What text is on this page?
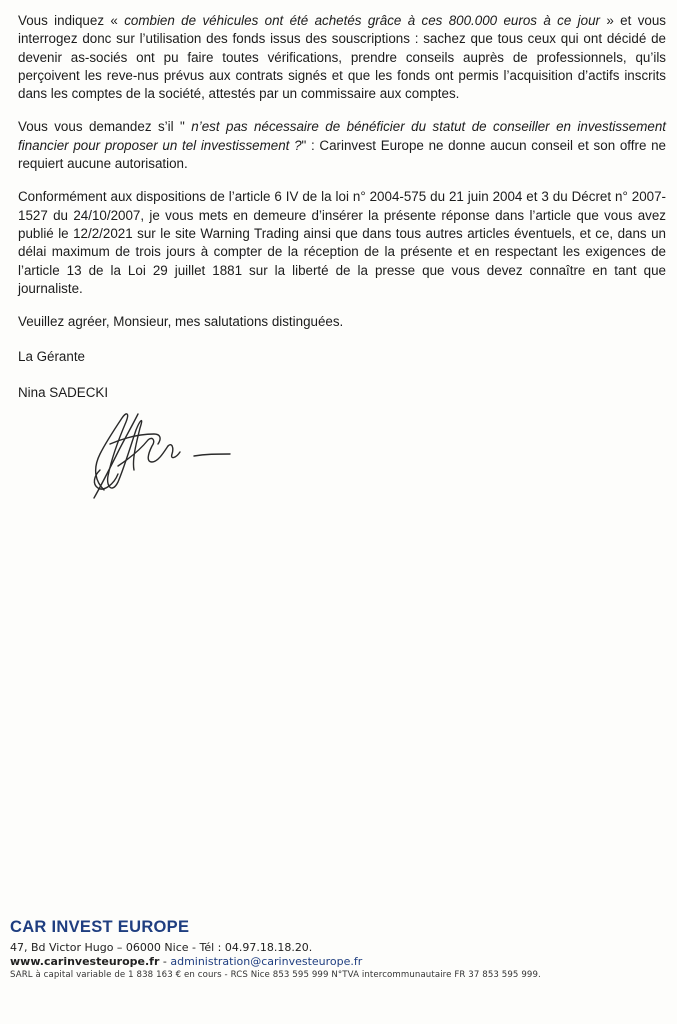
Vous indiquez « combien de véhicules ont été achetés grâce à ces 800.000 euros à ce jour » et vous interrogez donc sur l’utilisation des fonds issus des souscriptions : sachez que tous ceux qui ont décidé de devenir as-sociés ont pu faire toutes vérifications, prendre conseils auprès de professionnels, qu’ils perçoivent les reve-nus prévus aux contrats signés et que les fonds ont permis l’acquisition d’actifs inscrits dans les comptes de la société, attestés par un commissaire aux comptes.

Vous vous demandez s’il " n’est pas nécessaire de bénéficier du statut de conseiller en investissement financier pour proposer un tel investissement ?" : Carinvest Europe ne donne aucun conseil et son offre ne requiert aucune autorisation.

Conformément aux dispositions de l’article 6 IV de la loi n° 2004-575 du 21 juin 2004 et 3 du Décret n° 2007-1527 du 24/10/2007, je vous mets en demeure d’insérer la présente réponse dans l’article que vous avez publié le 12/2/2021 sur le site Warning Trading ainsi que dans tous autres articles éventuels, et ce, dans un délai maximum de trois jours à compter de la réception de la présente et en respectant les exigences de l’article 13 de la Loi 29 juillet 1881 sur la liberté de la presse que vous devez connaître en tant que journaliste.

Veuillez agréer, Monsieur, mes salutations distinguées.

La Gérante

Nina SADECKI

CAR INVEST EUROPE
47, Bd Victor Hugo – 06000 Nice - Tél : 04.97.18.18.20.
www.carinvesteurope.fr - administration@carinvesteurope.fr
SARL à capital variable de 1 838 163 € en cours - RCS Nice 853 595 999 N°TVA intercommunautaire FR 37 853 595 999.
